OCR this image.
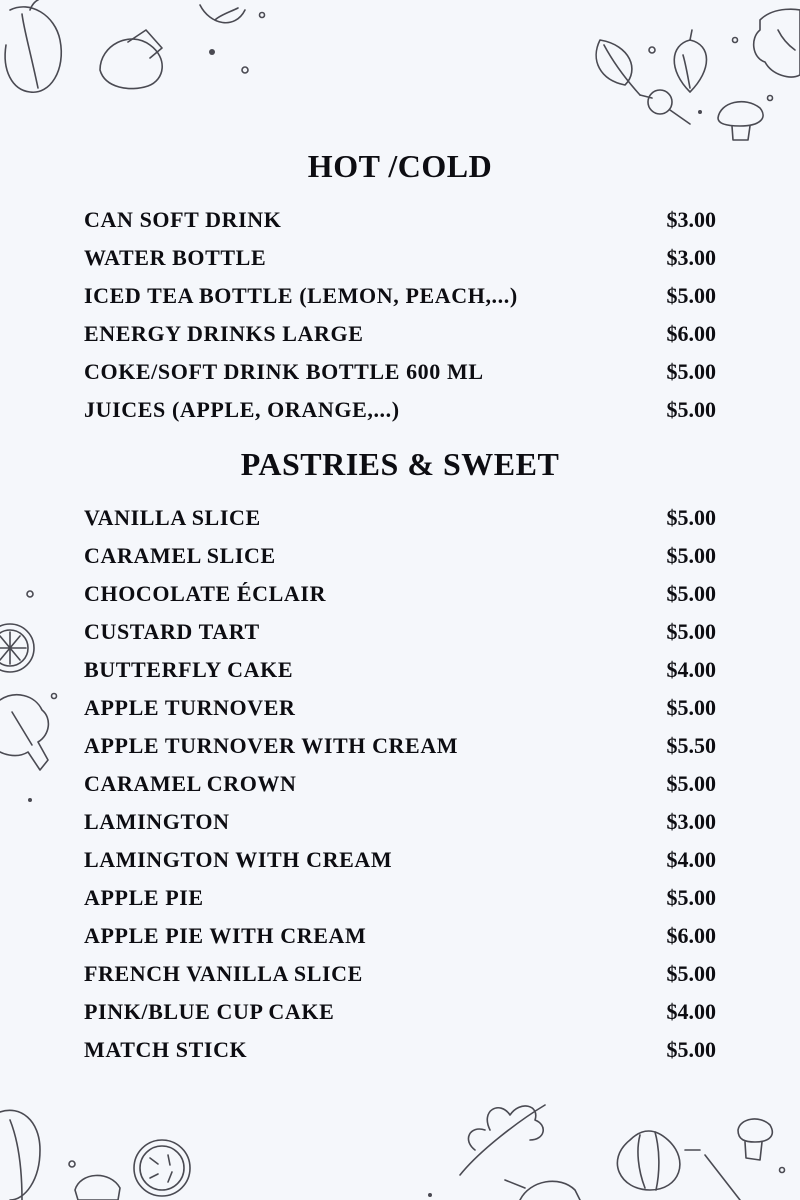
HOT /COLD
CAN SOFT DRINK	$3.00
WATER BOTTLE	$3.00
ICED TEA BOTTLE (LEMON, PEACH,...)	$5.00
ENERGY DRINKS LARGE	$6.00
COKE/SOFT DRINK BOTTLE 600 ML	$5.00
JUICES (APPLE, ORANGE,...)	$5.00
PASTRIES & SWEET
VANILLA SLICE	$5.00
CARAMEL SLICE	$5.00
CHOCOLATE ÉCLAIR	$5.00
CUSTARD TART	$5.00
BUTTERFLY CAKE	$4.00
APPLE TURNOVER	$5.00
APPLE TURNOVER WITH CREAM	$5.50
CARAMEL CROWN	$5.00
LAMINGTON	$3.00
LAMINGTON WITH CREAM	$4.00
APPLE PIE	$5.00
APPLE PIE WITH CREAM	$6.00
FRENCH VANILLA SLICE	$5.00
PINK/BLUE CUP CAKE	$4.00
MATCH STICK	$5.00
